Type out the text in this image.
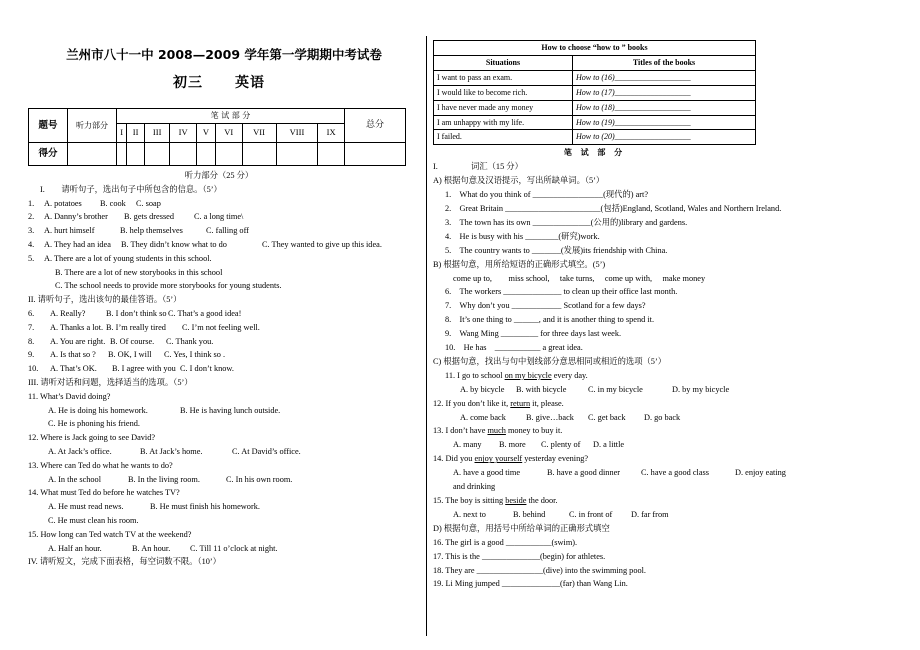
兰州市八十一中 2008—2009 学年第一学期期中考试卷
初三 英语
题号	听力部分	笔 试 部 分									总分
		I	II	III	IV	V	VI	VII	VIII	IX	
得分											
听力部分（25 分）
I.　　请听句子，选出句子中所包含的信息。（5’）
1. A. potatoes B. cook C. soap
2. A. Danny’s brother B. gets dressed C. a long time\
3. A. hurt himself	B. help themselves	C. falling off
4. A. They had an idea B. They didn’t know what to do	C. They wanted to give up this idea.
5. A. There are a lot of young students in this school.
B. There are a lot of new storybooks in this school
C. The school needs to provide more storybooks for young students.
II. 请听句子，选出该句的最佳答语。（5’）
6. A. Really? B. I don’t think so C. That’s a good idea!
7. A. Thanks a lot. B. I’m really tired C. I’m not feeling well.
8. A. You are right. B. Of course. C. Thank you.
9. A. Is that so ? B. OK, I will C. Yes, I think so .
10. A. That’s OK. B. I agree with you C. I don’t know.
III. 请听对话和问题，选择适当的选项。（5’）
11. What’s David doing?
A. He is doing his homework.	B. He is having lunch outside.
C. He is phoning his friend.
12. Where is Jack going to see David?
A. At Jack’s office.	B. At Jack’s home.	C. At David’s office.
13. Where can Ted do what he wants to do?
A. In the school	B. In the living room.	C. In his own room.
14. What must Ted do before he watches TV?
A. He must read news.	B. He must finish his homework.
C. He must clean his room.
15. How long can Ted watch TV at the weekend?
A. Half an hour.	B. An hour. C. Till 11 o’clock at night.
IV. 请听短文，完成下面表格，每空词数不限。（10’）
How to choose “how to ” books	
Situations	Titles of the books
I want to pass an exam.	How to (16)___________________
I would like to become rich.	How to (17)___________________
I have never made any money	How to (18)___________________
I am unhappy with my life.	How to (19)___________________
I failed.	How to (20)___________________
笔 试 部 分
I.　　　　词汇（15 分）
A) 根据句意及汉语提示，写出所缺单词。（5’）
1.　What do you think of _________________(现代的) art?
2.　Great Britain _______________________(包括)England, Scotland, Wales and Northern Ireland.
3.　The town has its own ______________(公用的)library and gardens.
4.　He is busy with his ________(研究)work.
5.　The country wants to _______(发展)its friendship with China.
B) 根据句意，用所给短语的正确形式填空。(5’)
come up to,　　miss school,　 take turns,　 come up with,　 make money
6.　The workers ______________ to clean up their office last month.
7.　Why don’t you ____________ Scotland for a few days?
8.　It’s one thing to ______, and it is another thing to spend it.
9.　Wang Ming _________ for three days last week.
10.　He has　___________ a great idea.
C) 根据句意，找出与句中划线部分意思相同或相近的选项（5’）
11. I go to school on my bicycle every day.
A. by bicycle B. with bicycle	C. in my bicycle	D. by my bicycle
12. If you don’t like it, return it, please.
A. come back B. give…back C. get back D. go back
13. I don’t have much money to buy it.
A. many B. more C. plenty of D. a little
14. Did you enjoy yourself yesterday evening?
A. have a good time	B. have a good dinner	C. have a good class	D. enjoy eating
and drinking
15. The boy is sitting beside the door.
A. next to	B. behind	C. in front of D. far from
D) 根据句意，用括号中所给单词的正确形式填空
16. The girl is a good ___________(swim).
17. This is the ______________(begin) for athletes.
18. They are ________________(dive) into the swimming pool.
19. Li Ming jumped ______________(far) than Wang Lin.
